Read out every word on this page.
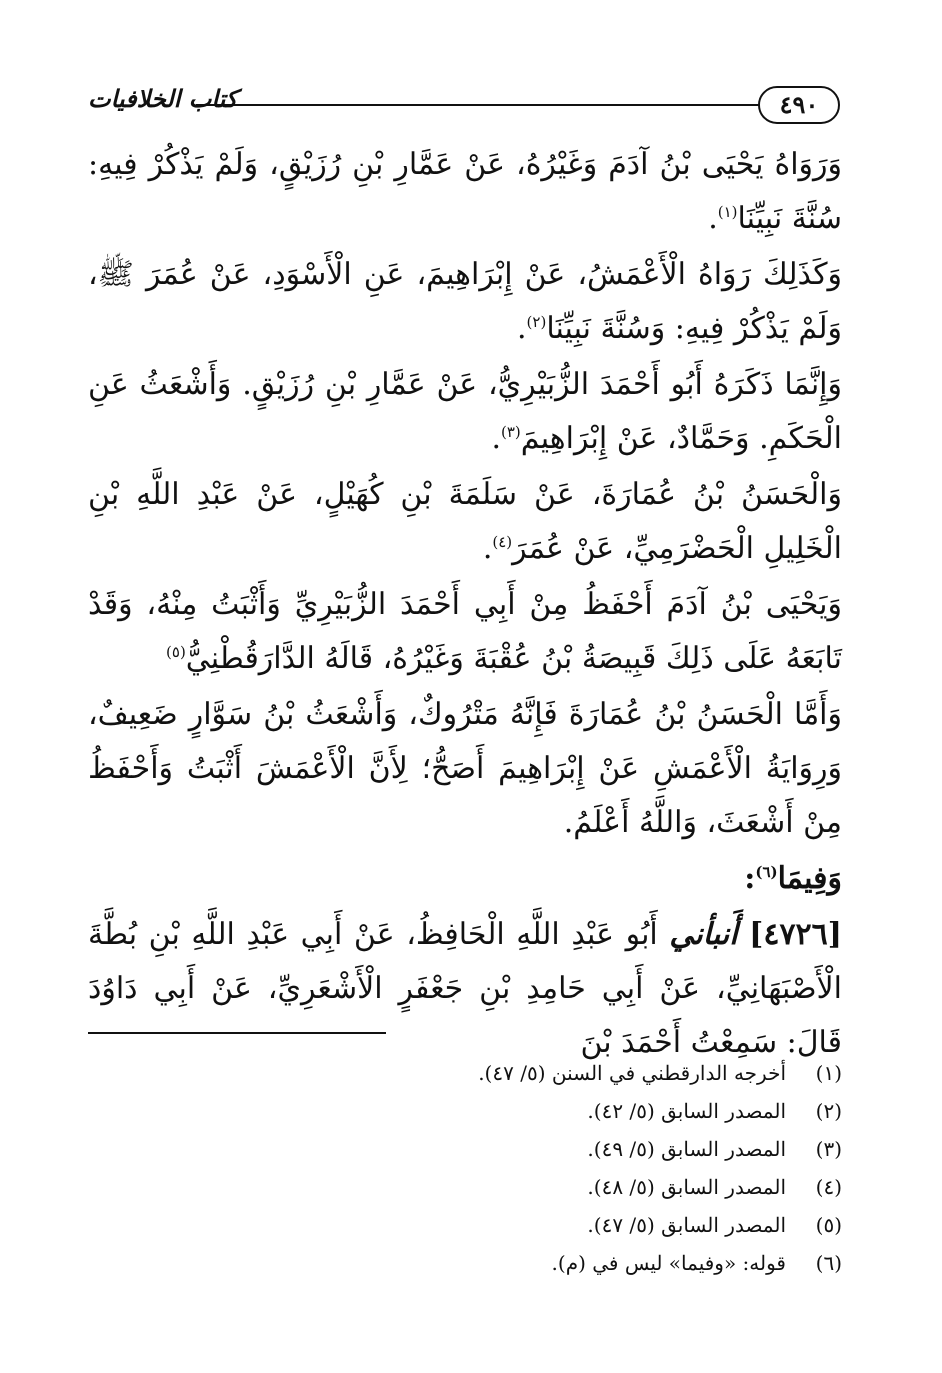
٤٩٠
كتاب الخلافيات

وَرَوَاهُ يَحْيَى بْنُ آدَمَ وَغَيْرُهُ، عَنْ عَمَّارِ بْنِ رُزَيْقٍ، وَلَمْ يَذْكُرْ فِيهِ: سُنَّةَ نَبِيِّنَا$^{(١)}$.

وَكَذَلِكَ رَوَاهُ الْأَعْمَشُ، عَنْ إِبْرَاهِيمَ، عَنِ الْأَسْوَدِ، عَنْ عُمَرَ ﷺ، وَلَمْ يَذْكُرْ فِيهِ: وَسُنَّةَ نَبِيِّنَا$^{(٢)}$.

وَإِنَّمَا ذَكَرَهُ أَبُو أَحْمَدَ الزُّبَيْرِيُّ، عَنْ عَمَّارِ بْنِ رُزَيْقٍ. وَأَشْعَثُ عَنِ الْحَكَمِ. وَحَمَّادٌ، عَنْ إِبْرَاهِيمَ$^{(٣)}$.

وَالْحَسَنُ بْنُ عُمَارَةَ، عَنْ سَلَمَةَ بْنِ كُهَيْلٍ، عَنْ عَبْدِ اللَّهِ بْنِ الْخَلِيلِ الْحَضْرَمِيِّ، عَنْ عُمَرَ$^{(٤)}$.

وَيَحْيَى بْنُ آدَمَ أَحْفَظُ مِنْ أَبِي أَحْمَدَ الزُّبَيْرِيِّ وَأَثْبَتُ مِنْهُ، وَقَدْ تَابَعَهُ عَلَى ذَلِكَ قَبِيصَةُ بْنُ عُقْبَةَ وَغَيْرُهُ، قَالَهُ الدَّارَقُطْنِيُّ$^{(٥)}$

وَأَمَّا الْحَسَنُ بْنُ عُمَارَةَ فَإِنَّهُ مَتْرُوكٌ، وَأَشْعَثُ بْنُ سَوَّارٍ ضَعِيفٌ، وَرِوَايَةُ الْأَعْمَشِ عَنْ إِبْرَاهِيمَ أَصَحُّ؛ لِأَنَّ الْأَعْمَشَ أَثْبَتُ وَأَحْفَظُ مِنْ أَشْعَثَ، وَاللَّهُ أَعْلَمُ.

وَفِيمَا$^{(٦)}$:

[٤٧٢٦] أَنبأني أَبُو عَبْدِ اللَّهِ الْحَافِظُ، عَنْ أَبِي عَبْدِ اللَّهِ بْنِ بُطَّةَ الْأَصْبَهَانِيِّ، عَنْ أَبِي حَامِدِ بْنِ جَعْفَرٍ الْأَشْعَرِيِّ، عَنْ أَبِي دَاوُدَ قَالَ: سَمِعْتُ أَحْمَدَ بْنَ

(١)
أخرجه الدارقطني في السنن (٥/ ٤٧).
(٢)
المصدر السابق (٥/ ٤٢).
(٣)
المصدر السابق (٥/ ٤٩).
(٤)
المصدر السابق (٥/ ٤٨).
(٥)
المصدر السابق (٥/ ٤٧).
(٦)
قوله: «وفيما» ليس في (م).
